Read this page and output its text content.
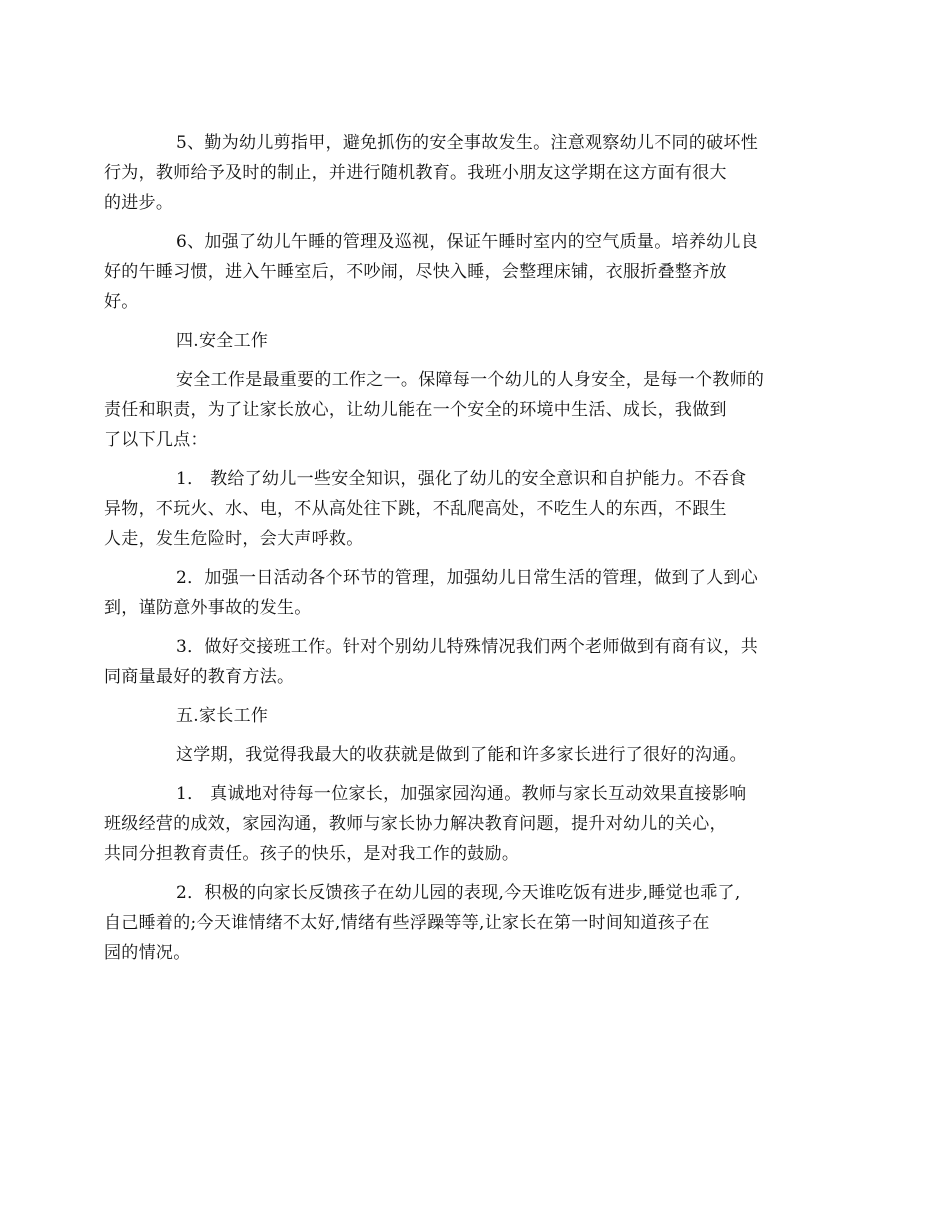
5、勤为幼儿剪指甲，避免抓伤的安全事故发生。注意观察幼儿不同的破坏性
行为，教师给予及时的制止，并进行随机教育。我班小朋友这学期在这方面有很大
的进步。
6、加强了幼儿午睡的管理及巡视，保证午睡时室内的空气质量。培养幼儿良
好的午睡习惯，进入午睡室后，不吵闹，尽快入睡，会整理床铺，衣服折叠整齐放
好。
四.安全工作
安全工作是最重要的工作之一。保障每一个幼儿的人身安全，是每一个教师的
责任和职责，为了让家长放心，让幼儿能在一个安全的环境中生活、成长，我做到
了以下几点：
1． 教给了幼儿一些安全知识，强化了幼儿的安全意识和自护能力。不吞食
异物，不玩火、水、电，不从高处往下跳，不乱爬高处，不吃生人的东西，不跟生
人走，发生危险时，会大声呼救。
2．加强一日活动各个环节的管理，加强幼儿日常生活的管理，做到了人到心
到，谨防意外事故的发生。
3．做好交接班工作。针对个别幼儿特殊情况我们两个老师做到有商有议，共
同商量最好的教育方法。
五.家长工作
这学期，我觉得我最大的收获就是做到了能和许多家长进行了很好的沟通。
1． 真诚地对待每一位家长，加强家园沟通。教师与家长互动效果直接影响
班级经营的成效，家园沟通，教师与家长协力解决教育问题，提升对幼儿的关心，
共同分担教育责任。孩子的快乐，是对我工作的鼓励。
2．积极的向家长反馈孩子在幼儿园的表现,今天谁吃饭有进步,睡觉也乖了,
自己睡着的;今天谁情绪不太好,情绪有些浮躁等等,让家长在第一时间知道孩子在
园的情况。
